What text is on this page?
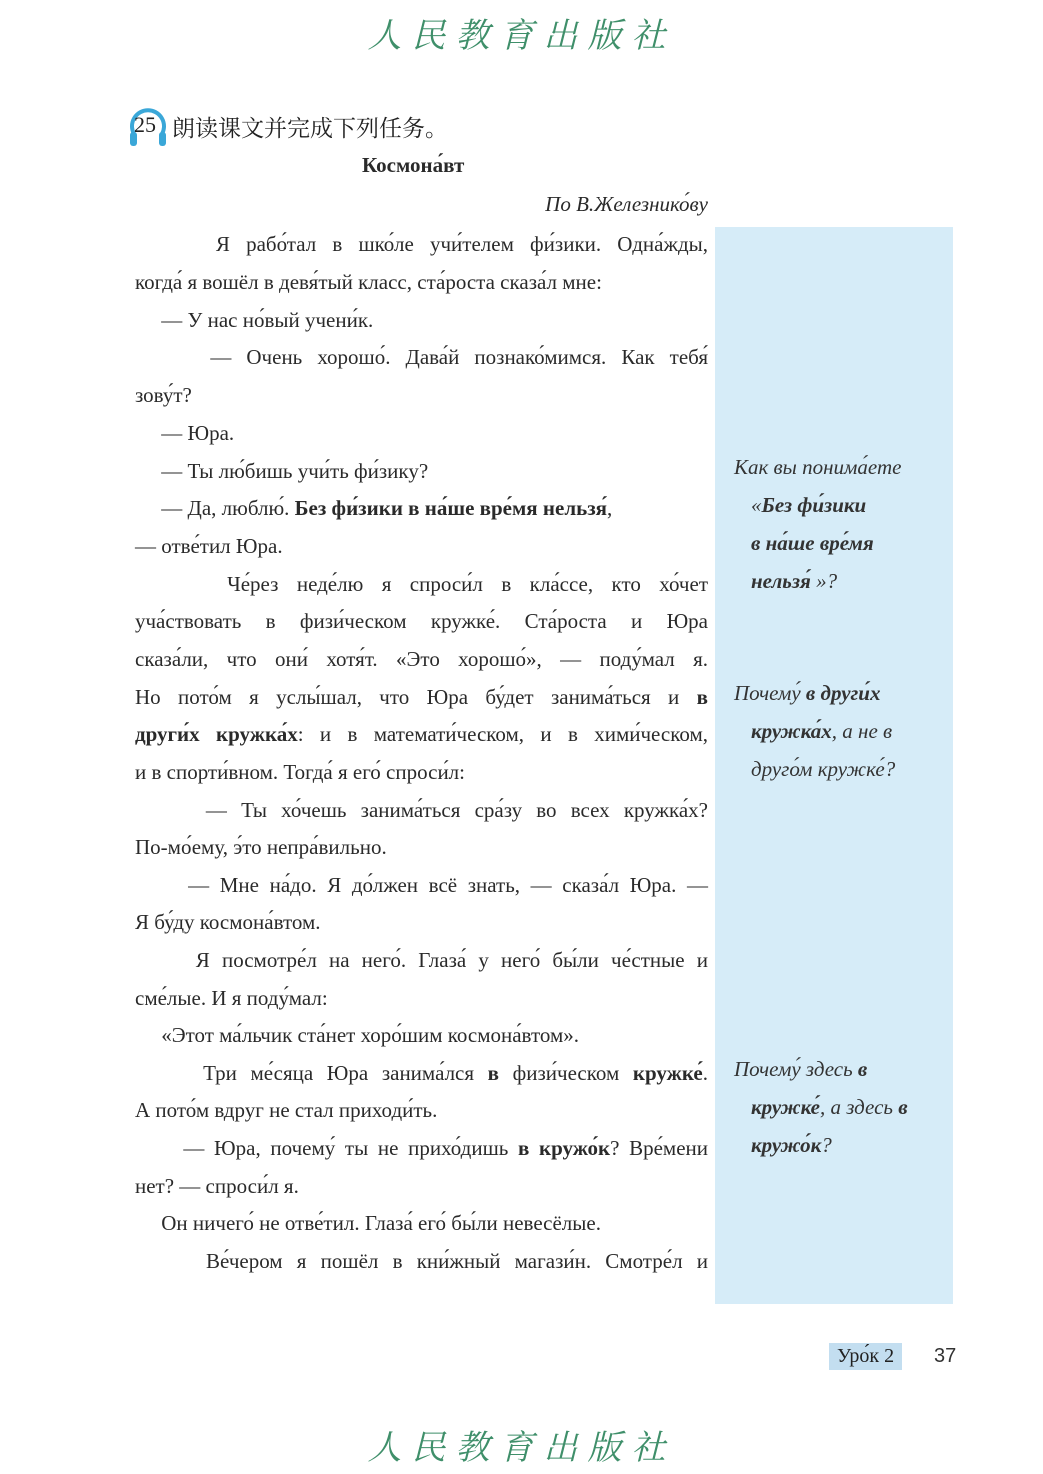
人民教育出版社
25 朗读课文并完成下列任务。
Космона́вт
По В.Железнико́ву
Я рабо́тал в шко́ле учи́телем фи́зики. Одна́жды,
когда́ я вошёл в девя́тый класс, ста́роста сказа́л мне:
— У нас но́вый учени́к.
— Очень хорошо́. Дава́й познако́мимся. Как тебя́
зову́т?
— Юра.
— Ты лю́бишь учи́ть фи́зику?
— Да, люблю́. Без фи́зики в на́ше вре́мя нельзя́,
— отве́тил Юра.
Че́рез неде́лю я спроси́л в кла́ссе, кто хо́чет
уча́ствовать в физи́ческом кружке́. Ста́роста и Юра
сказа́ли, что они́ хотя́т. «Это хорошо́», — поду́мал я.
Но пото́м я услы́шал, что Юра бу́дет занима́ться и в
други́х кружка́х: и в математи́ческом, и в хими́ческом,
и в спорти́вном. Тогда́ я его́ спроси́л:
— Ты хо́чешь занима́ться сра́зу во всех кружка́х?
По-мо́ему, э́то непра́вильно.
— Мне на́до. Я до́лжен всё знать, — сказа́л Юра. —
Я бу́ду космона́втом.
Я посмотре́л на него́. Глаза́ у него́ бы́ли че́стные и
сме́лые. И я поду́мал:
«Этот ма́льчик ста́нет хоро́шим космона́втом».
Три ме́сяца Юра занима́лся в физи́ческом кружке́.
А пото́м вдруг не стал приходи́ть.
— Юра, почему́ ты не прихо́дишь в кружо́к? Вре́мени
нет? — спроси́л я.
Он ничего́ не отве́тил. Глаза́ его́ бы́ли невесёлые.
Ве́чером я пошёл в кни́жный магази́н. Смотре́л и
Как вы понима́ете
«Без фи́зики
в на́ше вре́мя
нельзя́ »?
Почему́ в други́х
кружка́х, а не в
друго́м кружке́?
Почему́ здесь в
кружке́, а здесь в
кружо́к?
Уро́к 2	37
人民教育出版社
